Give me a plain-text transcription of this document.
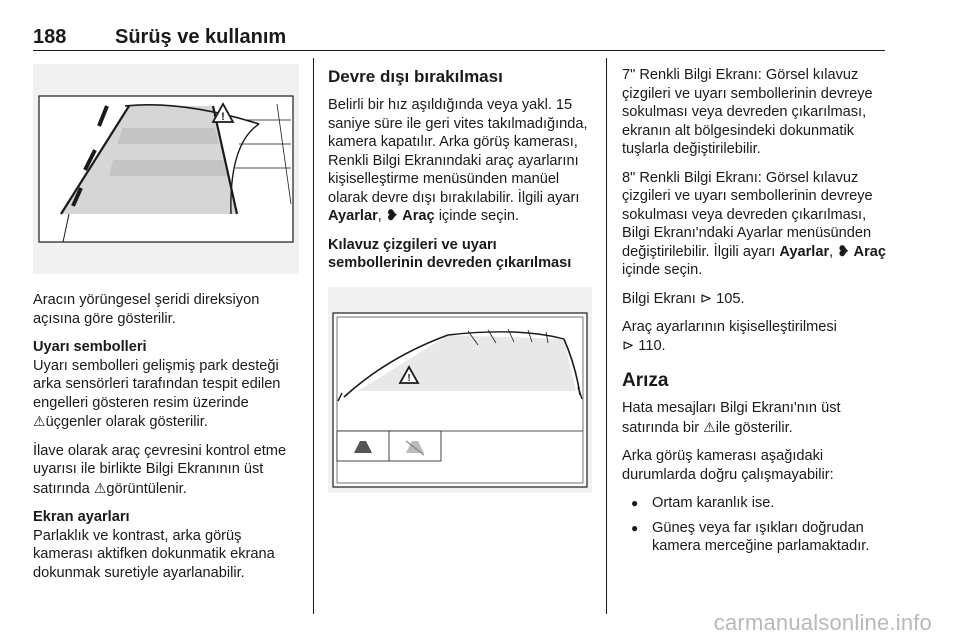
188 Sürüş ve kullanım
!

Aracın yörüngesel şeridi direksiyon açısına göre gösterilir.

Uyarı sembolleri
Uyarı sembolleri gelişmiş park desteği arka sensörleri tarafından tespit edilen engelleri gösteren resim üzerinde ⚠üçgenler olarak gösterilir.

İlave olarak araç çevresini kontrol etme uyarısı ile birlikte Bilgi Ekranının üst satırında ⚠görüntülenir.

Ekran ayarları
Parlaklık ve kontrast, arka görüş kamerası aktifken dokunmatik ekrana dokunmak suretiyle ayarlanabilir.

Devre dışı bırakılması

Belirli bir hız aşıldığında veya yakl. 15 saniye süre ile geri vites takılmadığında, kamera kapatılır. Arka görüş kamerası, Renkli Bilgi Ekranındaki araç ayarlarını kişiselleştirme menüsünden manüel olarak devre dışı bırakılabilir. İlgili ayarı Ayarlar, ❥ Araç içinde seçin.

Kılavuz çizgileri ve uyarı sembollerinin devreden çıkarılması

!

7" Renkli Bilgi Ekranı: Görsel kılavuz çizgileri ve uyarı sembollerinin devreye sokulması veya devreden çıkarılması, ekranın alt bölgesindeki dokunmatik tuşlarla değiştirilebilir.

8" Renkli Bilgi Ekranı: Görsel kılavuz çizgileri ve uyarı sembollerinin devreye sokulması veya devreden çıkarılması, Bilgi Ekranı'ndaki Ayarlar menüsünden değiştirilebilir. İlgili ayarı Ayarlar, ❥ Araç içinde seçin.

Bilgi Ekranı ⊳ 105.

Araç ayarlarının kişiselleştirilmesi
⊳ 110.

Arıza

Hata mesajları Bilgi Ekranı'nın üst satırında bir ⚠ile gösterilir.

Arka görüş kamerası aşağıdaki durumlarda doğru çalışmayabilir:

● Ortam karanlık ise.
● Güneş veya far ışıkları doğrudan kamera merceğine parlamaktadır.
carmanualsonline.info
